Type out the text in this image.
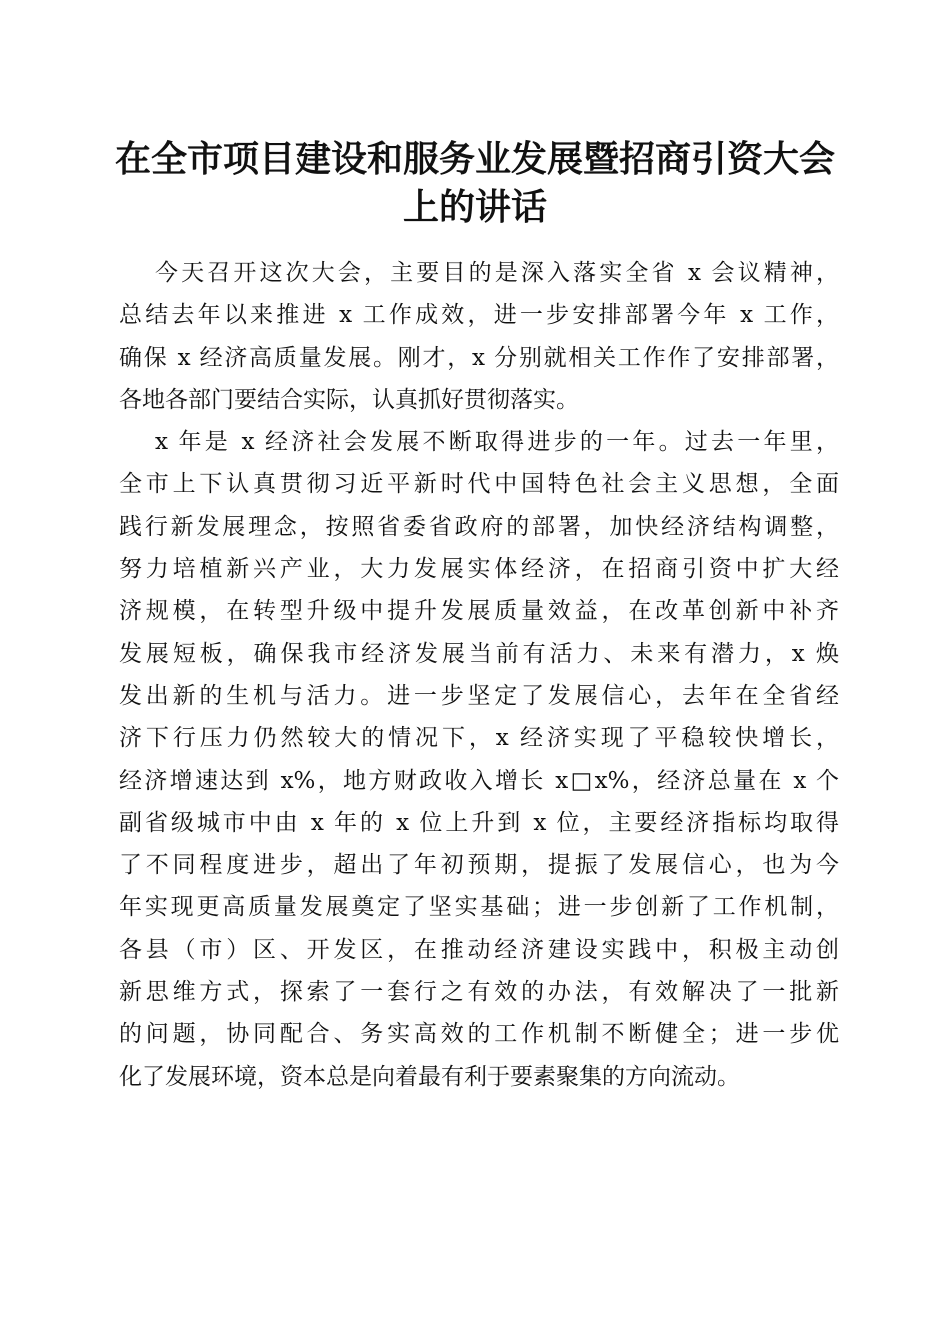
在全市项目建设和服务业发展暨招商引资大会
上的讲话

今天召开这次大会，主要目的是深入落实全省 x 会议精神，
总结去年以来推进 x 工作成效，进一步安排部署今年 x 工作，
确保 x 经济高质量发展。刚才，x 分别就相关工作作了安排部署，
各地各部门要结合实际，认真抓好贯彻落实。

x 年是 x 经济社会发展不断取得进步的一年。过去一年里，
全市上下认真贯彻习近平新时代中国特色社会主义思想，全面
践行新发展理念，按照省委省政府的部署，加快经济结构调整，
努力培植新兴产业，大力发展实体经济，在招商引资中扩大经
济规模，在转型升级中提升发展质量效益，在改革创新中补齐
发展短板，确保我市经济发展当前有活力、未来有潜力，x 焕
发出新的生机与活力。进一步坚定了发展信心，去年在全省经
济下行压力仍然较大的情况下，x 经济实现了平稳较快增长，
经济增速达到 x%，地方财政收入增长 x□x%，经济总量在 x 个
副省级城市中由 x 年的 x 位上升到 x 位，主要经济指标均取得
了不同程度进步，超出了年初预期，提振了发展信心，也为今
年实现更高质量发展奠定了坚实基础；进一步创新了工作机制，
各县（市）区、开发区，在推动经济建设实践中，积极主动创
新思维方式，探索了一套行之有效的办法，有效解决了一批新
的问题，协同配合、务实高效的工作机制不断健全；进一步优
化了发展环境，资本总是向着最有利于要素聚集的方向流动。
